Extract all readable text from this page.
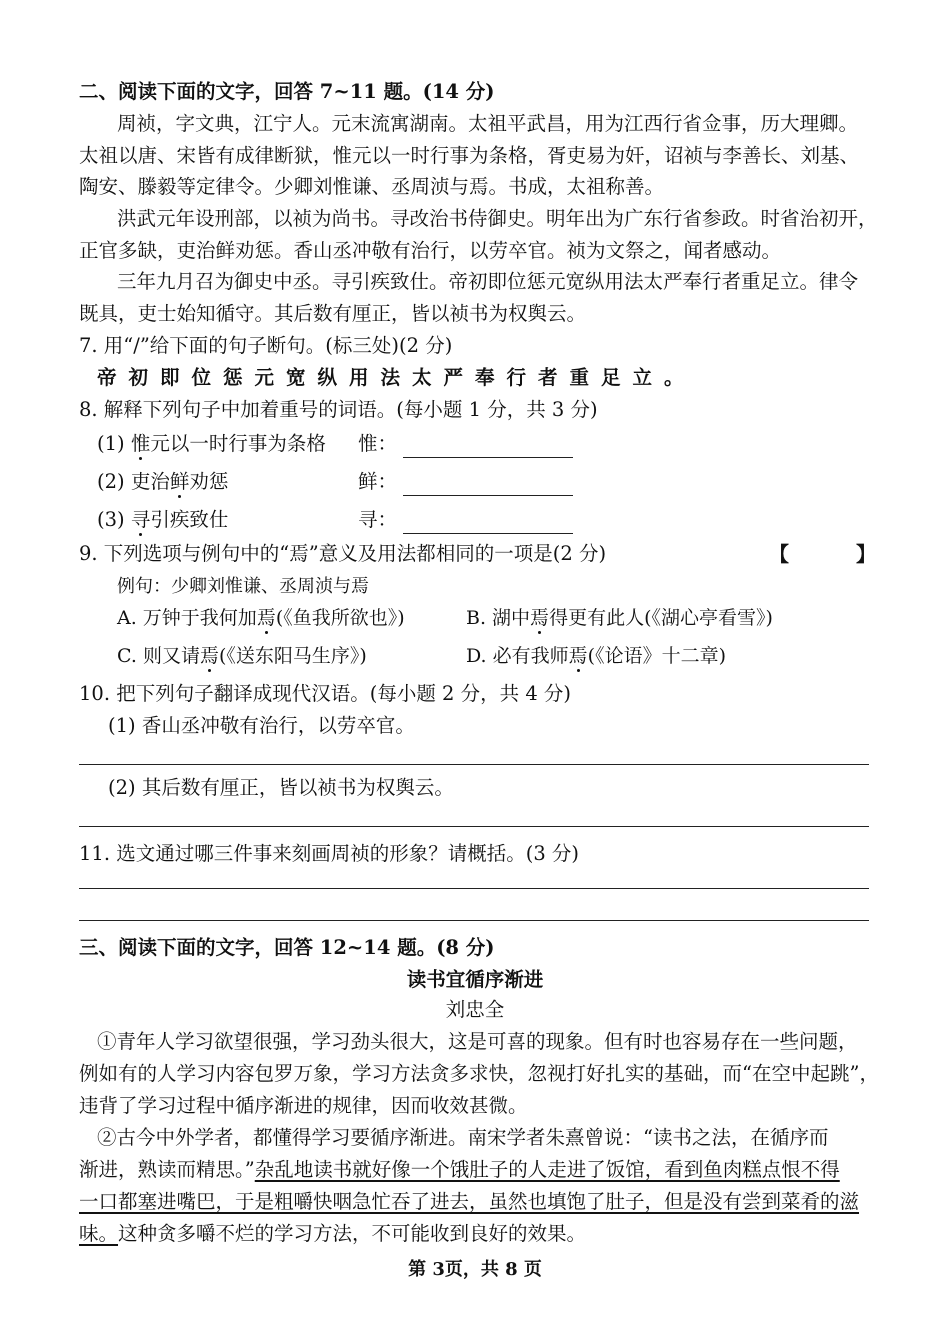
二、阅读下面的文字，回答 7~11 题。(14 分)
周祯，字文典，江宁人。元末流寓湖南。太祖平武昌，用为江西行省佥事，历大理卿。
太祖以唐、宋皆有成律断狱，惟元以一时行事为条格，胥吏易为奸，诏祯与李善长、刘基、
陶安、滕毅等定律令。少卿刘惟谦、丞周浈与焉。书成，太祖称善。
洪武元年设刑部，以祯为尚书。寻改治书侍御史。明年出为广东行省参政。时省治初开，
正官多缺，吏治鲜劝惩。香山丞冲敬有治行，以劳卒官。祯为文祭之，闻者感动。
三年九月召为御史中丞。寻引疾致仕。帝初即位惩元宽纵用法太严奉行者重足立。律令
既具，吏士始知循守。其后数有厘正，皆以祯书为权舆云。
7. 用“/”给下面的句子断句。(标三处)(2 分)
帝初即位惩元宽纵用法太严奉行者重足立。
8. 解释下列句子中加着重号的词语。(每小题 1 分，共 3 分)
(1) 惟元以一时行事为条格	惟：
(2) 吏治鲜劝惩	鲜：
(3) 寻引疾致仕	寻：
9. 下列选项与例句中的“焉”意义及用法都相同的一项是(2 分)	【 】
例句：少卿刘惟谦、丞周浈与焉
A. 万钟于我何加焉(《鱼我所欲也》)	B. 湖中焉得更有此人(《湖心亭看雪》)
C. 则又请焉(《送东阳马生序》)	D. 必有我师焉(《论语》十二章)
10. 把下列句子翻译成现代汉语。(每小题 2 分，共 4 分)
(1) 香山丞冲敬有治行，以劳卒官。
(2) 其后数有厘正，皆以祯书为权舆云。
11. 选文通过哪三件事来刻画周祯的形象？请概括。(3 分)
三、阅读下面的文字，回答 12~14 题。(8 分)
读书宜循序渐进
刘忠全
①青年人学习欲望很强，学习劲头很大，这是可喜的现象。但有时也容易存在一些问题，
例如有的人学习内容包罗万象，学习方法贪多求快，忽视打好扎实的基础，而“在空中起跳”，
违背了学习过程中循序渐进的规律，因而收效甚微。
②古今中外学者，都懂得学习要循序渐进。南宋学者朱熹曾说：“读书之法，在循序而
渐进，熟读而精思。”杂乱地读书就好像一个饿肚子的人走进了饭馆，看到鱼肉糕点恨不得
一口都塞进嘴巴，于是粗嚼快咽急忙吞了进去，虽然也填饱了肚子，但是没有尝到菜肴的滋
味。这种贪多嚼不烂的学习方法，不可能收到良好的效果。
第 3页，共 8 页
